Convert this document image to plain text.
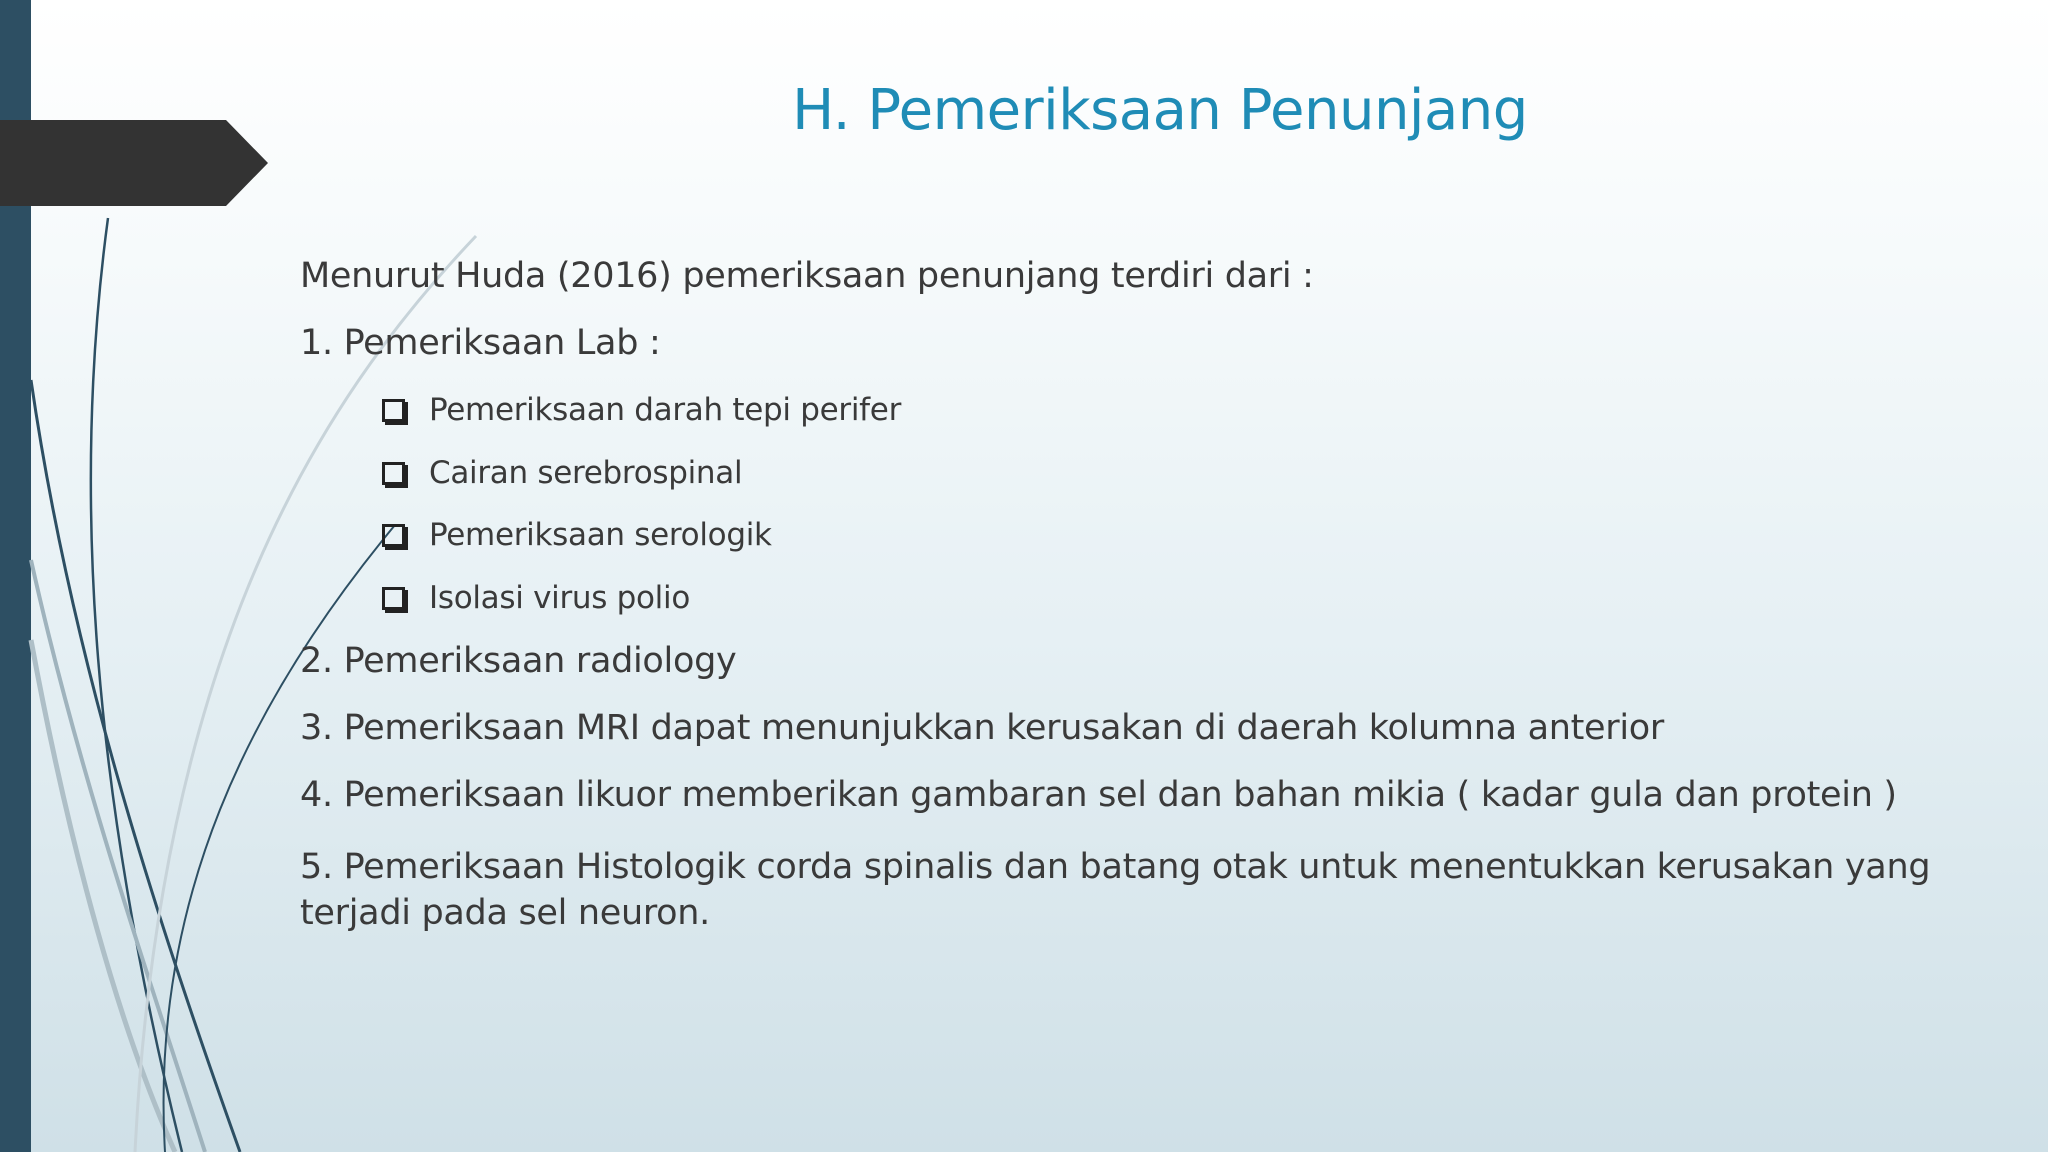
H. Pemeriksaan Penunjang
Menurut Huda (2016) pemeriksaan penunjang terdiri dari :
1. Pemeriksaan Lab :
Pemeriksaan darah tepi perifer
Cairan serebrospinal
Pemeriksaan serologik
Isolasi virus polio
2. Pemeriksaan radiology
3. Pemeriksaan MRI dapat menunjukkan kerusakan di daerah kolumna anterior
4. Pemeriksaan likuor memberikan gambaran sel dan bahan mikia ( kadar gula dan protein )
5. Pemeriksaan Histologik corda spinalis dan batang otak untuk menentukkan kerusakan yang terjadi pada sel neuron.
